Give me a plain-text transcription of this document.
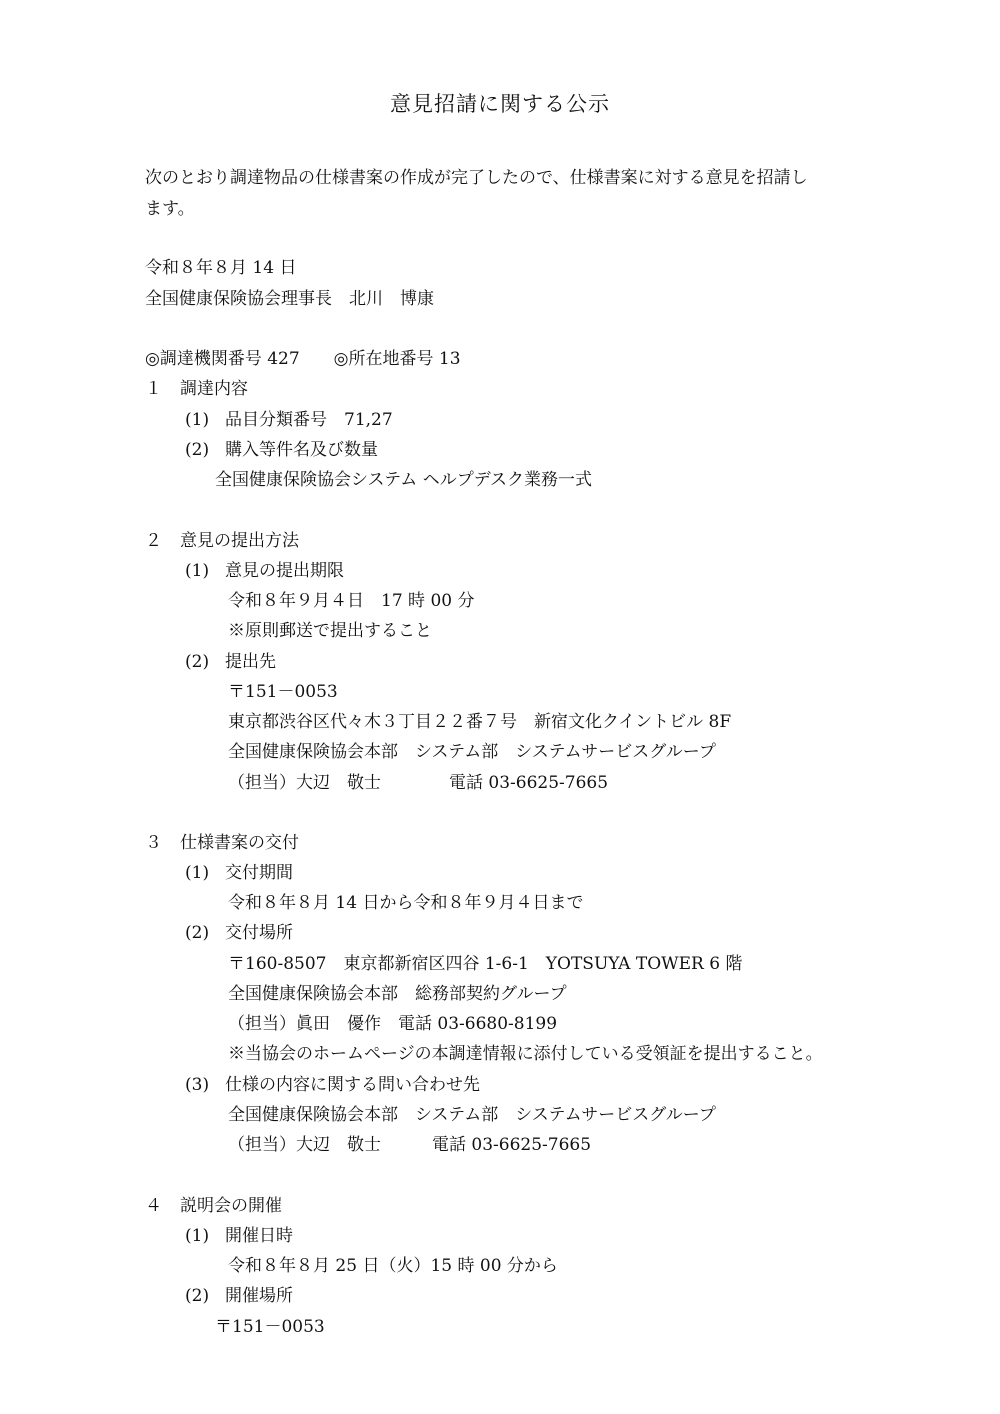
意見招請に関する公示
次のとおり調達物品の仕様書案の作成が完了したので、仕様書案に対する意見を招請し
ます。
令和８年８月 14 日
全国健康保険協会理事長　北川　博康
◎調達機関番号 427　　◎所在地番号 13
１ 調達内容
(1) 品目分類番号　71,27
(2) 購入等件名及び数量
全国健康保険協会システム ヘルプデスク業務一式
２ 意見の提出方法
(1) 意見の提出期限
令和８年９月４日　17 時 00 分
※原則郵送で提出すること
(2) 提出先
〒151－0053
東京都渋谷区代々木３丁目２２番７号　新宿文化クイントビル 8F
全国健康保険協会本部　システム部　システムサービスグループ
（担当）大辺　敬士　　　　電話 03-6625-7665
３ 仕様書案の交付
(1) 交付期間
令和８年８月 14 日から令和８年９月４日まで
(2) 交付場所
〒160-8507　東京都新宿区四谷 1-6-1　YOTSUYA TOWER 6 階
全国健康保険協会本部　総務部契約グループ
（担当）眞田　優作　電話 03-6680-8199
※当協会のホームページの本調達情報に添付している受領証を提出すること。
(3) 仕様の内容に関する問い合わせ先
全国健康保険協会本部　システム部　システムサービスグループ
（担当）大辺　敬士　　　電話 03-6625-7665
４ 説明会の開催
(1) 開催日時
令和８年８月 25 日（火）15 時 00 分から
(2) 開催場所
〒151－0053
